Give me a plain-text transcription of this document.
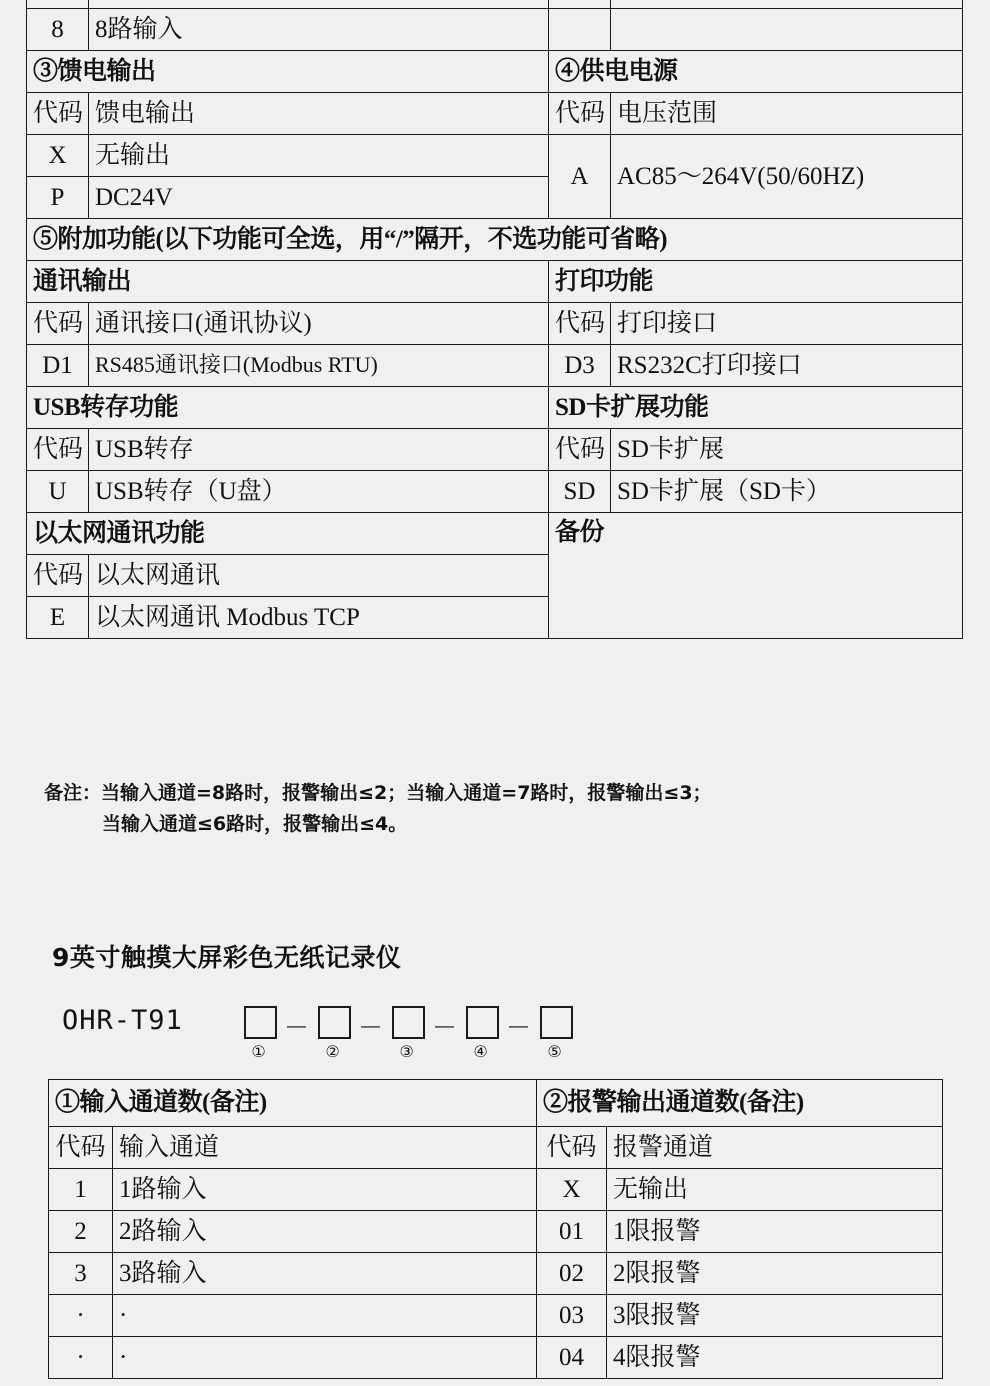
8	8路输入		
③馈电输出		④供电电源	
代码	馈电输出	代码	电压范围
X	无输出	A	AC85～264V(50/60HZ)
P	DC24V		
⑤附加功能(以下功能可全选，用“/”隔开，不选功能可省略)			
通讯输出		打印功能	
代码	通讯接口(通讯协议)	代码	打印接口
D1	RS485通讯接口(Modbus RTU)	D3	RS232C打印接口
USB转存功能		SD卡扩展功能	
代码	USB转存	代码	SD卡扩展
U	USB转存（U盘）	SD	SD卡扩展（SD卡）
以太网通讯功能		备份	
代码	以太网通讯		
E	以太网通讯 Modbus TCP		
备注：当输入通道=8路时，报警输出≤2；当输入通道=7路时，报警输出≤3；
当输入通道≤6路时，报警输出≤4。
9英寸触摸大屏彩色无纸记录仪
OHR-T91	－ － － －
①	②	③	④	⑤
①输入通道数(备注)		②报警输出通道数(备注)	
代码	输入通道	代码	报警通道
1	1路输入	X	无输出
2	2路输入	01	1限报警
3	3路输入	02	2限报警
·	·	03	3限报警
·	·	04	4限报警
